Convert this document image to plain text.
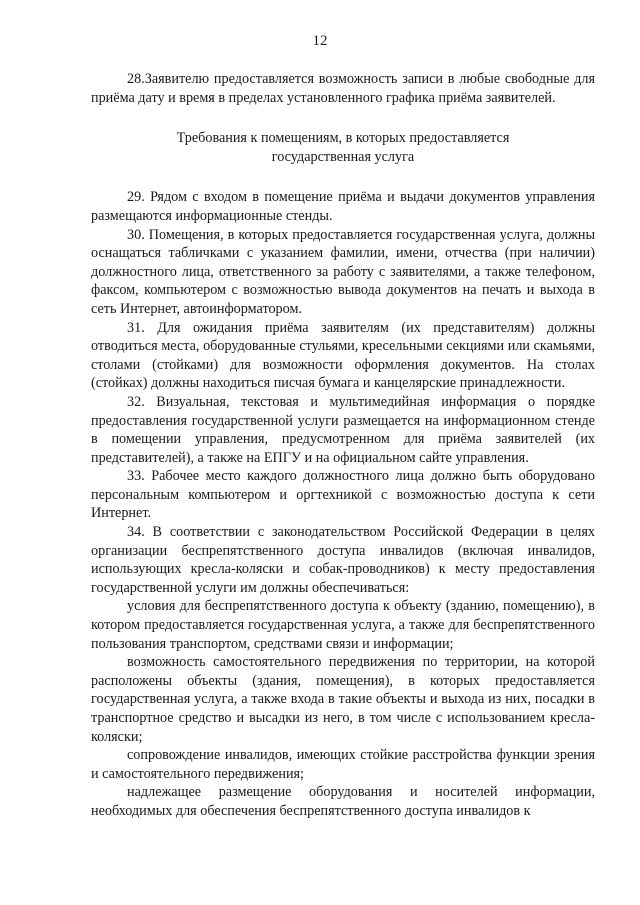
12

28.Заявителю предоставляется возможность записи в любые свободные для приёма дату и время в пределах установленного графика приёма заявителей.

Требования к помещениям, в которых предоставляется
государственная услуга

29. Рядом с входом в помещение приёма и выдачи документов управления размещаются информационные стенды.

30. Помещения, в которых предоставляется государственная услуга, должны оснащаться табличками с указанием фамилии, имени, отчества (при наличии) должностного лица, ответственного за работу с заявителями, а также телефоном, факсом, компьютером с возможностью вывода документов на печать и выхода в сеть Интернет, автоинформатором.

31. Для ожидания приёма заявителям (их представителям) должны отводиться места, оборудованные стульями, кресельными секциями или скамьями, столами (стойками) для возможности оформления документов. На столах (стойках) должны находиться писчая бумага и канцелярские принадлежности.

32. Визуальная, текстовая и мультимедийная информация о порядке предоставления государственной услуги размещается на информационном стенде в помещении управления, предусмотренном для приёма заявителей (их представителей), а также на ЕПГУ и на официальном сайте управления.

33. Рабочее место каждого должностного лица должно быть оборудовано персональным компьютером и оргтехникой с возможностью доступа к сети Интернет.

34. В соответствии с законодательством Российской Федерации в целях организации беспрепятственного доступа инвалидов (включая инвалидов, использующих кресла-коляски и собак-проводников) к месту предоставления государственной услуги им должны обеспечиваться:

условия для беспрепятственного доступа к объекту (зданию, помещению), в котором предоставляется государственная услуга, а также для беспрепятственного пользования транспортом, средствами связи и информации;

возможность самостоятельного передвижения по территории, на которой расположены объекты (здания, помещения), в которых предоставляется государственная услуга, а также входа в такие объекты и выхода из них, посадки в транспортное средство и высадки из него, в том числе с использованием кресла-коляски;

сопровождение инвалидов, имеющих стойкие расстройства функции зрения и самостоятельного передвижения;

надлежащее размещение оборудования и носителей информации, необходимых для обеспечения беспрепятственного доступа инвалидов к
